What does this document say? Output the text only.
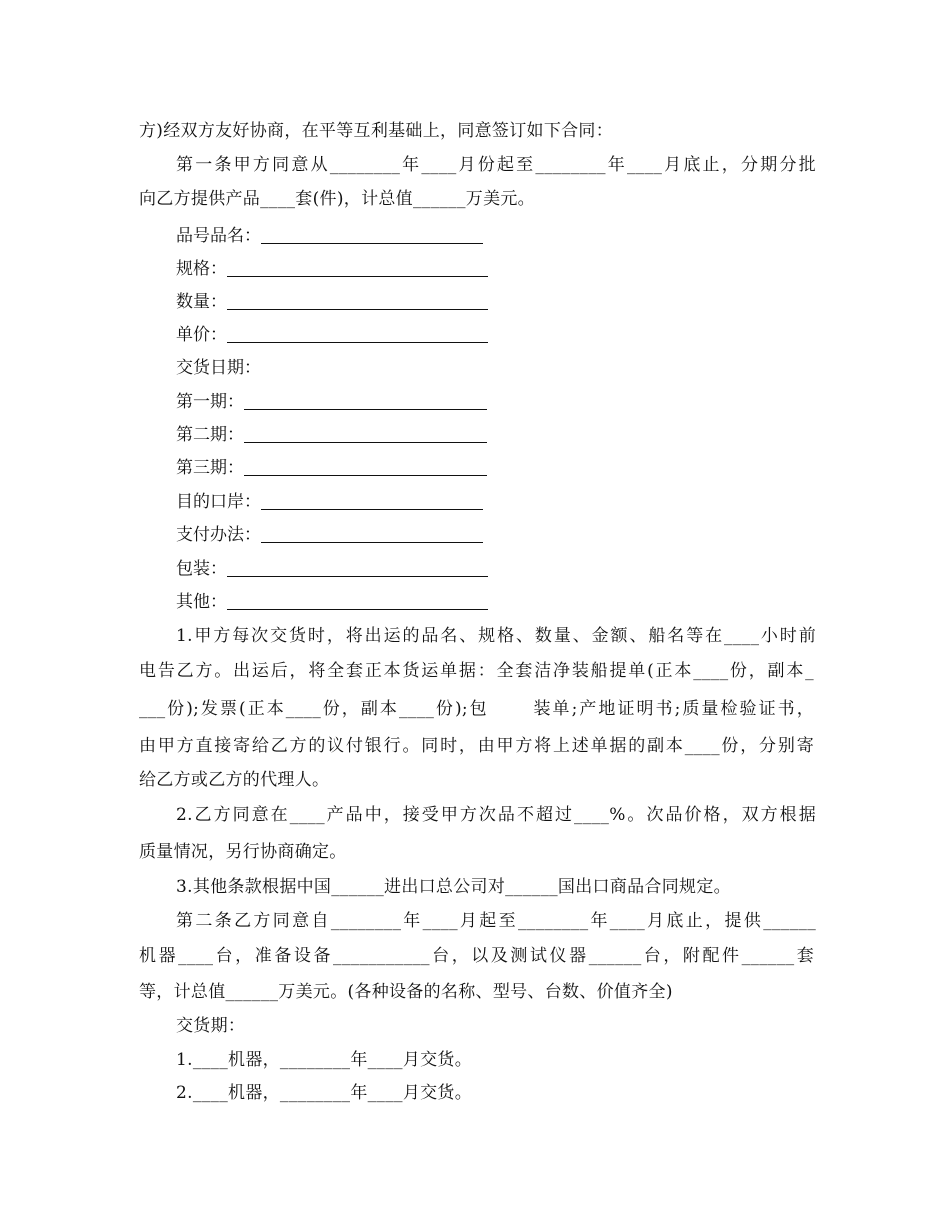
方)经双方友好协商，在平等互利基础上，同意签订如下合同：
第一条甲方同意从________年____月份起至________年____月底止，分期分批
向乙方提供产品____套(件)，计总值______万美元。
品号品名：
规格：
数量：
单价：
交货日期：
第一期：
第二期：
第三期：
目的口岸：
支付办法：
包装：
其他：
1.甲方每次交货时，将出运的品名、规格、数量、金额、船名等在____小时前
电告乙方。出运后，将全套正本货运单据：全套洁净装船提单(正本____份，副本_
___份);发票(正本____份，副本____份);包      装单;产地证明书;质量检验证书，
由甲方直接寄给乙方的议付银行。同时，由甲方将上述单据的副本____份，分别寄
给乙方或乙方的代理人。
2.乙方同意在____产品中，接受甲方次品不超过____%。次品价格，双方根据
质量情况，另行协商确定。
3.其他条款根据中国______进出口总公司对______国出口商品合同规定。
第二条乙方同意自________年____月起至________年____月底止，提供______
机器____台，准备设备___________台，以及测试仪器______台，附配件______套
等，计总值______万美元。(各种设备的名称、型号、台数、价值齐全)
交货期：
1.____机器，________年____月交货。
2.____机器，________年____月交货。
